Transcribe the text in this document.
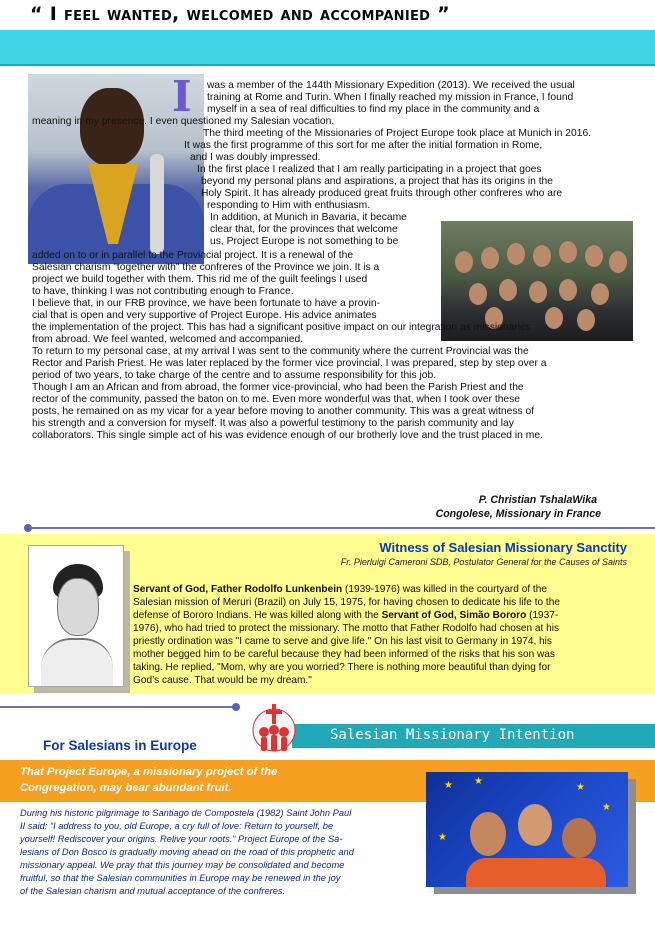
“ I feel wanted, welcomed and accompanied ”
I was a member of the 144th Missionary Expedition (2013). We received the usual
training at Rome and Turin. When I finally reached my mission in France, I found
myself in a sea of real difficulties to find my place in the community and a
meaning in my presence. I even questioned my Salesian vocation.
The third meeting of the Missionaries of Project Europe took place at Munich in 2016.
It was the first programme of this sort for me after the initial formation in Rome,
and I was doubly impressed.
In the first place I realized that I am really participating in a project that goes
beyond my personal plans and aspirations, a project that has its origins in the
Holy Spirit. It has already produced great fruits through other confreres who are
responding to Him with enthusiasm.
In addition, at Munich in Bavaria, it became
clear that, for the provinces that welcome
us, Project Europe is not something to be
added on to or in parallel to the Provincial project. It is a renewal of the
Salesian charism "together with" the confreres of the Province we join. It is a
project we build together with them. This rid me of the guilt feelings I used
to have, thinking I was not contributing enough to France.
I believe that, in our FRB province, we have been fortunate to have a provin-
cial that is open and very supportive of Project Europe. His advice animates
the implementation of the project. This has had a significant positive impact on our integration as missionaries
from abroad. We feel wanted, welcomed and accompanied.
To return to my personal case, at my arrival I was sent to the community where the current Provincial was the
Rector and Parish Priest. He was later replaced by the former vice provincial. I was prepared, step by step over a
period of two years, to take charge of the centre and to assume responsibility for this job.
Though I am an African and from abroad, the former vice-provincial, who had been the Parish Priest and the
rector of the community, passed the baton on to me. Even more wonderful was that, when I took over these
posts, he remained on as my vicar for a year before moving to another community. This was a great witness of
his strength and a conversion for myself. It was also a powerful testimony to the parish community and lay
collaborators. This single simple act of his was evidence enough of our brotherly love and the trust placed in me.
P. Christian TshalaWika
Congolese, Missionary in France
Witness of Salesian Missionary Sanctity
Fr. Pierluigi Cameroni SDB, Postulator General for the Causes of Saints
Servant of God, Father Rodolfo Lunkenbein (1939-1976) was killed in the courtyard of the
Salesian mission of Meruri (Brazil) on July 15, 1975, for having chosen to dedicate his life to the
defense of Bororo Indians. He was killed along with the Servant of God, Simão Bororo (1937-
1976), who had tried to protect the missionary. The motto that Father Rodolfo had chosen at his
priestly ordination was "I came to serve and give life." On his last visit to Germany in 1974, his
mother begged him to be careful because they had been informed of the risks that his son was
taking. He replied, "Mom, why are you worried? There is nothing more beautiful than dying for
God’s cause. That would be my dream."
Salesian Missionary Intention
For Salesians in Europe
That Project Europe, a missionary project of the
Congregation, may bear abundant fruit.	★ ★
★
★
★
During his historic pilgrimage to Santiago de Compostela (1982) Saint John Paul
II said: “I address to you, old Europe, a cry full of love: Return to yourself, be
yourself! Rediscover your origins. Relive your roots.” Project Europe of the Sa-
lesians of Don Bosco is gradually moving ahead on the road of this prophetic and
missionary appeal. We pray that this journey may be consolidated and become
fruitful, so that the Salesian communities in Europe may be renewed in the joy
of the Salesian charism and mutual acceptance of the confreres.
